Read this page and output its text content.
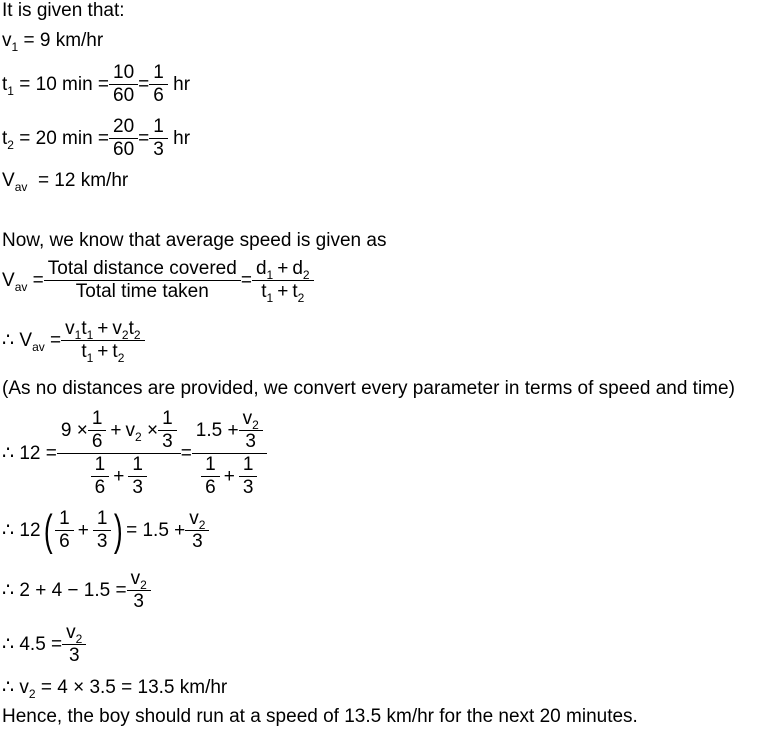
It is given that:
v 1
= 9 km/hr
t 1
= 10 $\min = \frac{10}{60} = \frac{1}{6}$
hr
t 2
= 20 $\min = \frac{20}{60} = \frac{1}{3}$
hr
V av
= 12 km/hr
Now, we know that average speed is given as
V av
= $\frac{\text{Total distance covered}}{\text{Total time taken}} = \frac{d 1 + d 2}{t 1 + t 2}$
∴
V av
= $\frac{v 1 t 1 + v 2 t 2}{t 1 + t 2}$
(As no distances are provided, we convert every parameter in terms of speed and time)
∴ $12 = 9 \times \frac{1}{6} + v$ 2
× $\frac{1}{3}$
$\frac{1}{6} + \frac{1}{3} = \frac{1.5 + \frac{v 2}{3}}{\frac{1}{6} + \frac{1}{3}}$
∴
12 ( $\frac{1}{6} + \frac{1}{3}$ ) = $1.5 + \frac{v 2}{3}$
∴ $2 + 4 - 1.5 = \frac{v 2}{3}$
∴ $4.5 = \frac{v 2}{3}$
∴
v 2
= 4 × 3.5 = 13.5 km/hr
Hence, the boy should run at a speed of 13.5 km/hr for the next 20 minutes.
